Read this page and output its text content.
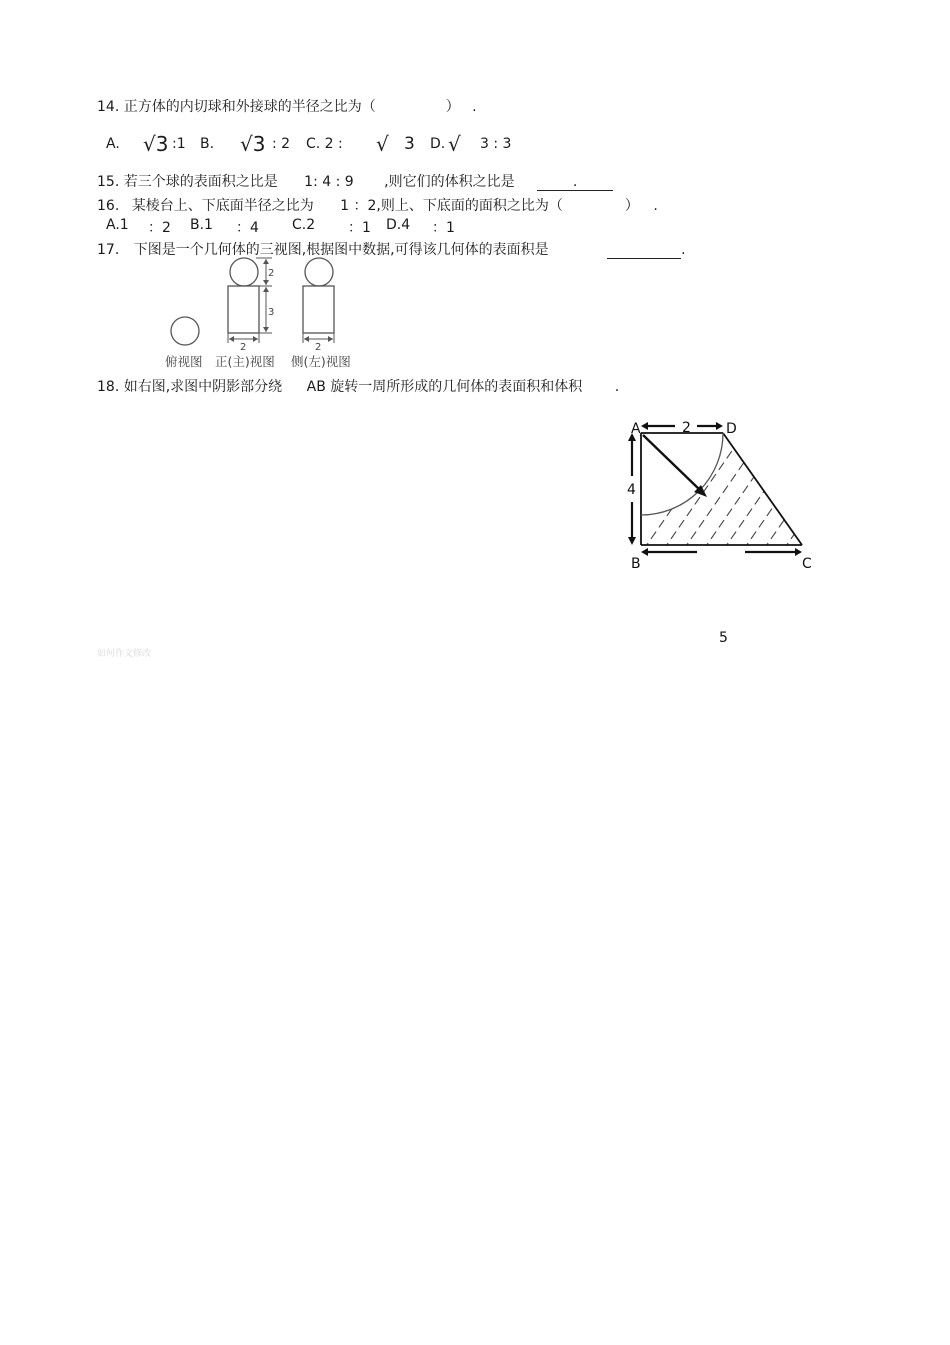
14. 正方体的内切球和外接球的半径之比为（	） .
A. √3 :1 B. √3 : 2 C. 2 : √ 3 D. √ 3 : 3
15. 若三个球的表面积之比是 1: 4 : 9 ,则它们的体积之比是	.
16. 某棱台上、下底面半径之比为 1 ：2,则上、下底面的面积之比为（	） .
A.1 ：2 B.1 ：4 C.2 ：1 D.4 ：1
17. 下图是一个几何体的三视图,根据图中数据,可得该几何体的表面积是	.
2
3
2	2
俯视图 正(主)视图 侧(左)视图
18. 如右图,求图中阴影部分绕 AB 旋转一周所形成的几何体的表面积和体积 .
A	D
B	C
2
4
5
如何作文修改
